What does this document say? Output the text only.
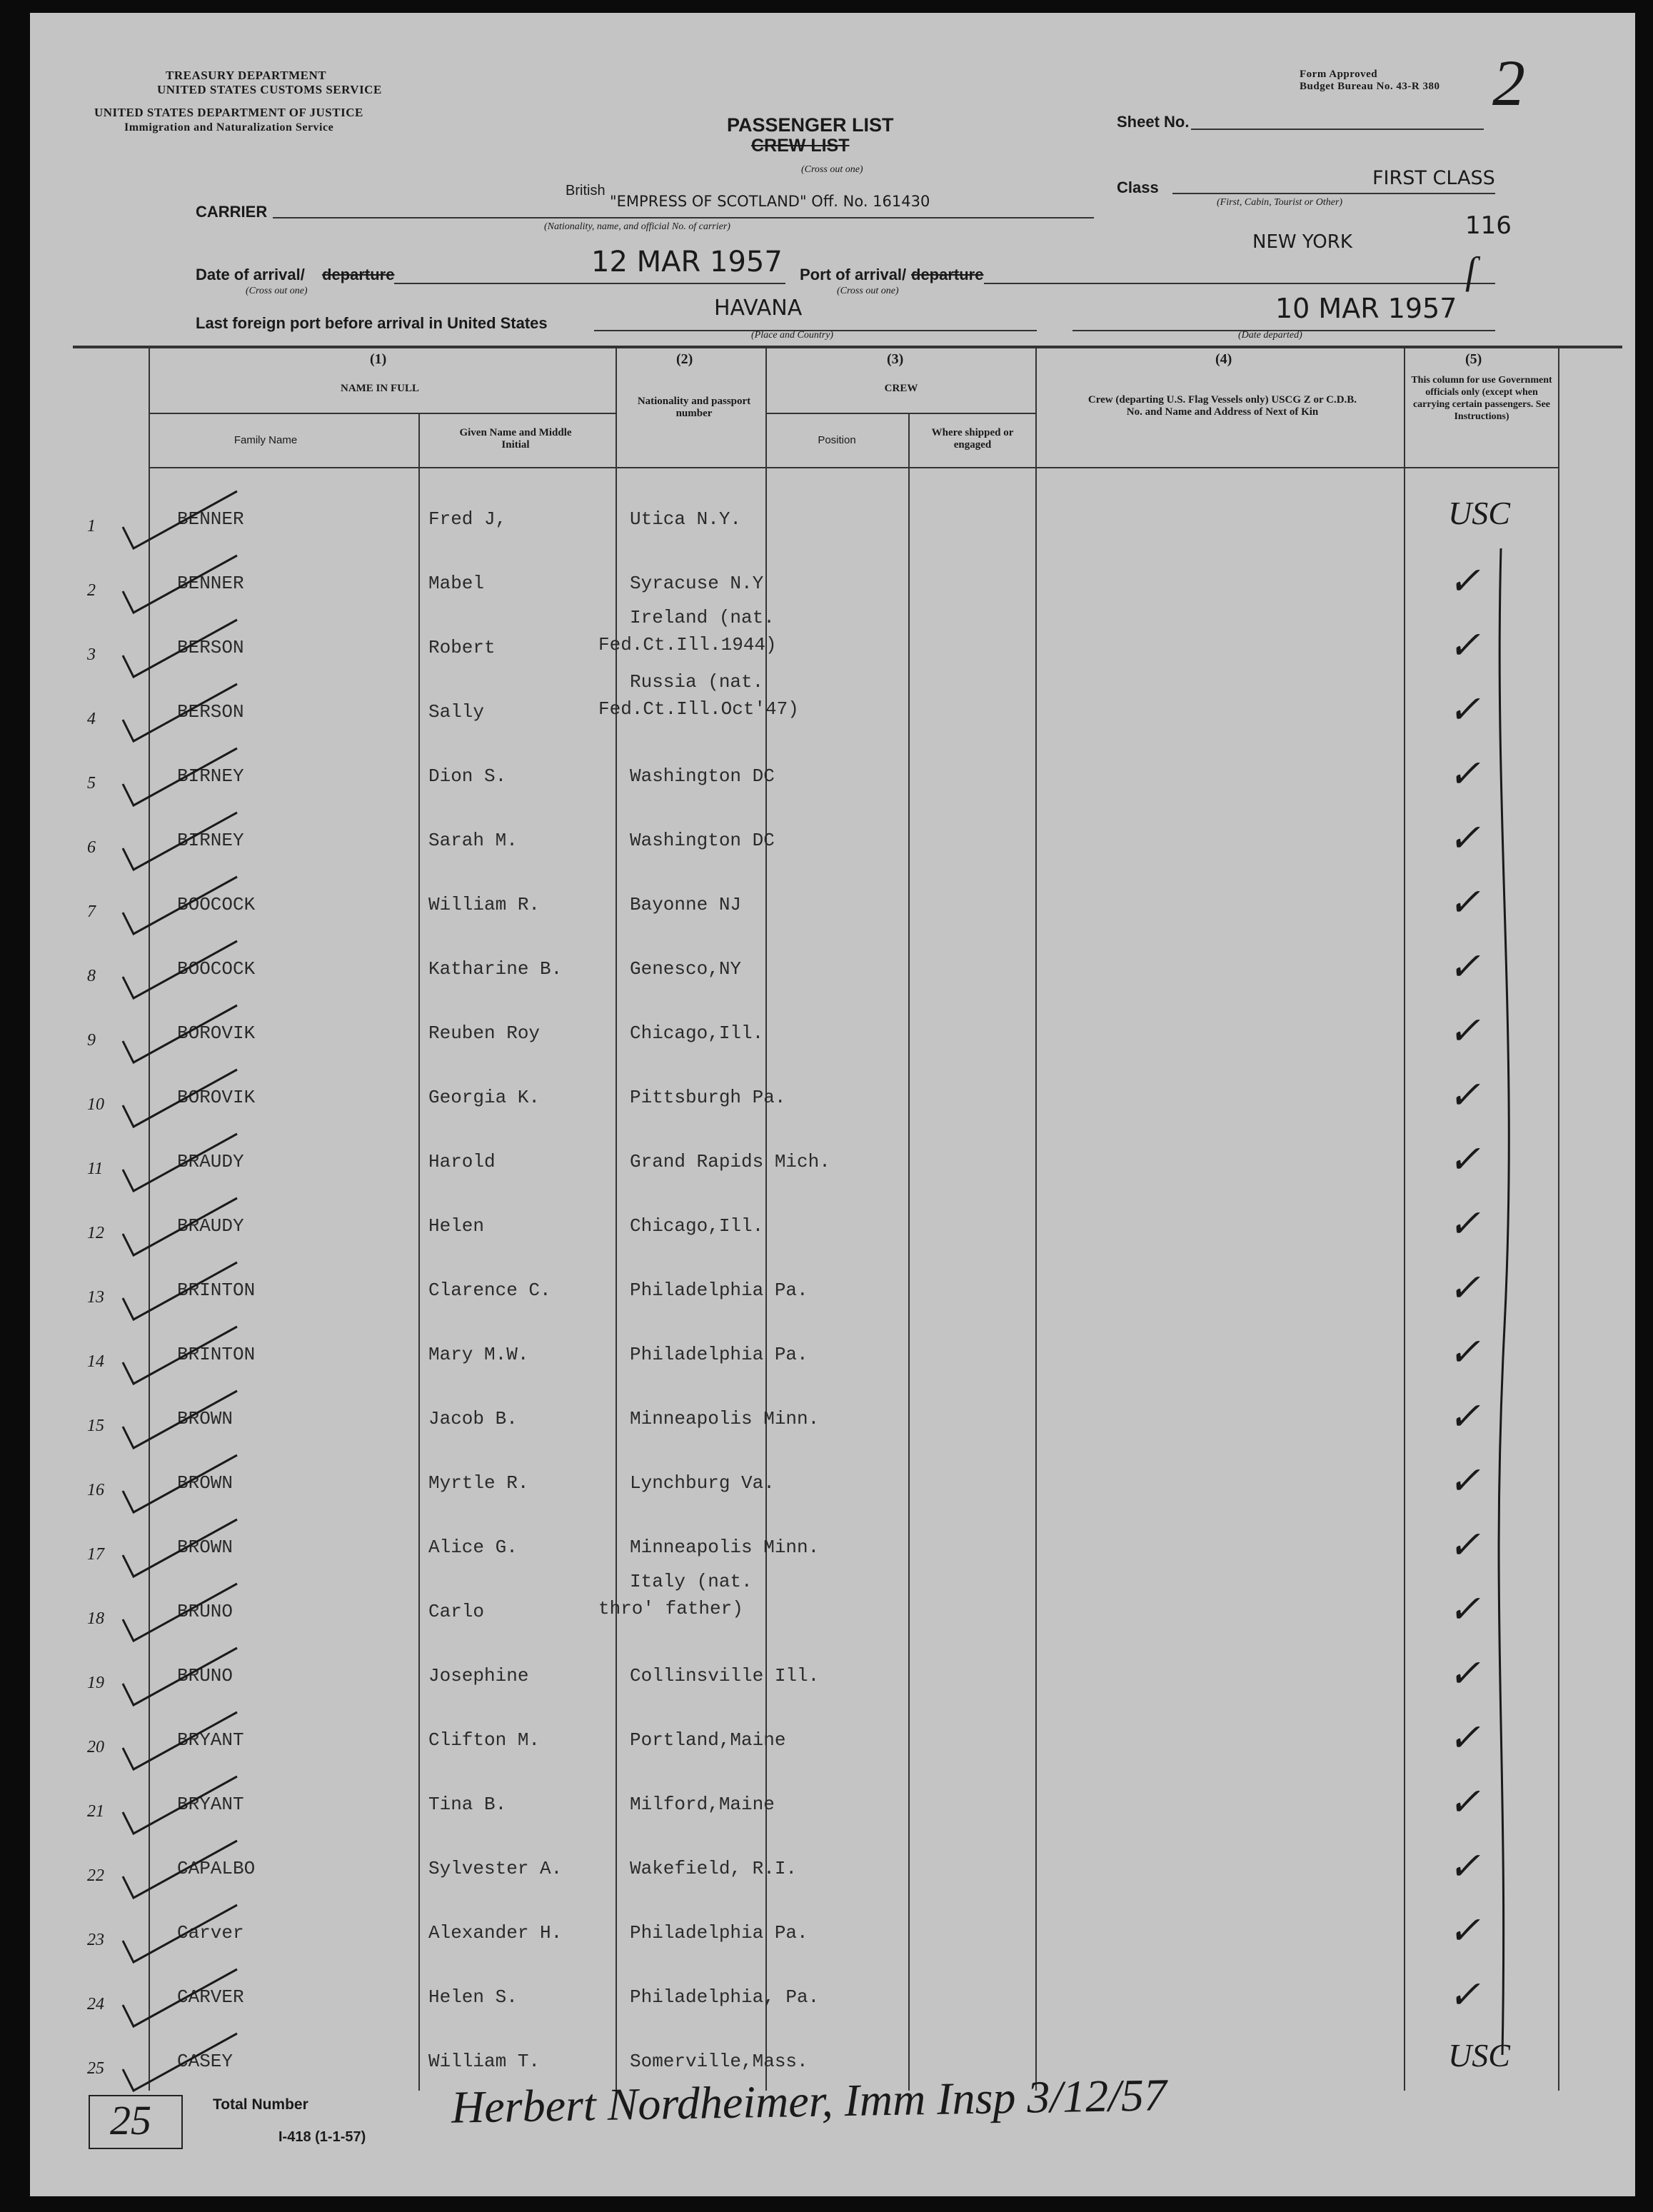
TREASURY DEPARTMENT
UNITED STATES CUSTOMS SERVICE
UNITED STATES DEPARTMENT OF JUSTICE
Immigration and Naturalization Service
Form Approved
Budget Bureau No. 43-R 380
PASSENGER LIST
CREW LIST
(Cross out one)
Sheet No.
2
Class	FIRST CLASS
(First, Cabin, Tourist or Other)
116
CARRIER
British
"EMPRESS OF SCOTLAND" Off. No. 161430
(Nationality, name, and official No. of carrier)
Date of arrival/ departure
(Cross out one)
12 MAR 1957 Port of arrival/ departure
(Cross out one)
NEW YORK
ſ
Last foreign port before arrival in United States
HAVANA
(Place and Country)
10 MAR 1957
(Date departed)
(1)
NAME IN FULL
Family Name
Given Name and Middle Initial
(2)
Nationality and passport number
(3)
CREW
Position
Where shipped or engaged
(4)
Crew (departing U.S. Flag Vessels only) USCG Z or C.D.B. No. and Name and Address of Next of Kin
(5)
This column for use Government officials only (except when carrying certain passengers. See Instructions)
1	BENNER	Fred J,	Utica N.Y.	USC
2	BENNER	Mabel	Syracuse N.Y	✓
3	BERSON	Robert
Ireland (nat.
Fed.Ct.Ill.1944)	✓
4	BERSON	Sally
Russia (nat.
Fed.Ct.Ill.Oct'47)	✓
5	BIRNEY	Dion S.	Washington DC	✓
6	BIRNEY	Sarah M.	Washington DC	✓
7	BOOCOCK	William R.	Bayonne NJ	✓
8	BOOCOCK	Katharine B.	Genesco,NY	✓
9	BOROVIK	Reuben Roy	Chicago,Ill.	✓
10	BOROVIK	Georgia K.	Pittsburgh Pa.	✓
11	BRAUDY	Harold	Grand Rapids Mich.	✓
12	BRAUDY	Helen	Chicago,Ill.	✓
13	BRINTON	Clarence C.	Philadelphia Pa.	✓
14	BRINTON	Mary M.W.	Philadelphia Pa.	✓
15	BROWN	Jacob B.	Minneapolis Minn.	✓
16	BROWN	Myrtle R.	Lynchburg Va.	✓
17	BROWN	Alice G.	Minneapolis Minn.	✓
18	BRUNO	Carlo
Italy (nat.
thro' father)	✓
19	BRUNO	Josephine	Collinsville Ill.	✓
20	BRYANT	Clifton M.	Portland,Maine	✓
21	BRYANT	Tina B.	Milford,Maine	✓
22	CAPALBO	Sylvester A.	Wakefield, R.I.	✓
23	Carver	Alexander H.	Philadelphia Pa.	✓
24	CARVER	Helen S.	Philadelphia, Pa.	✓
25	CASEY	William T.	Somerville,Mass.	USC
25	Total Number
I-418 (1-1-57)
Herbert Nordheimer, Imm Insp 3/12/57
